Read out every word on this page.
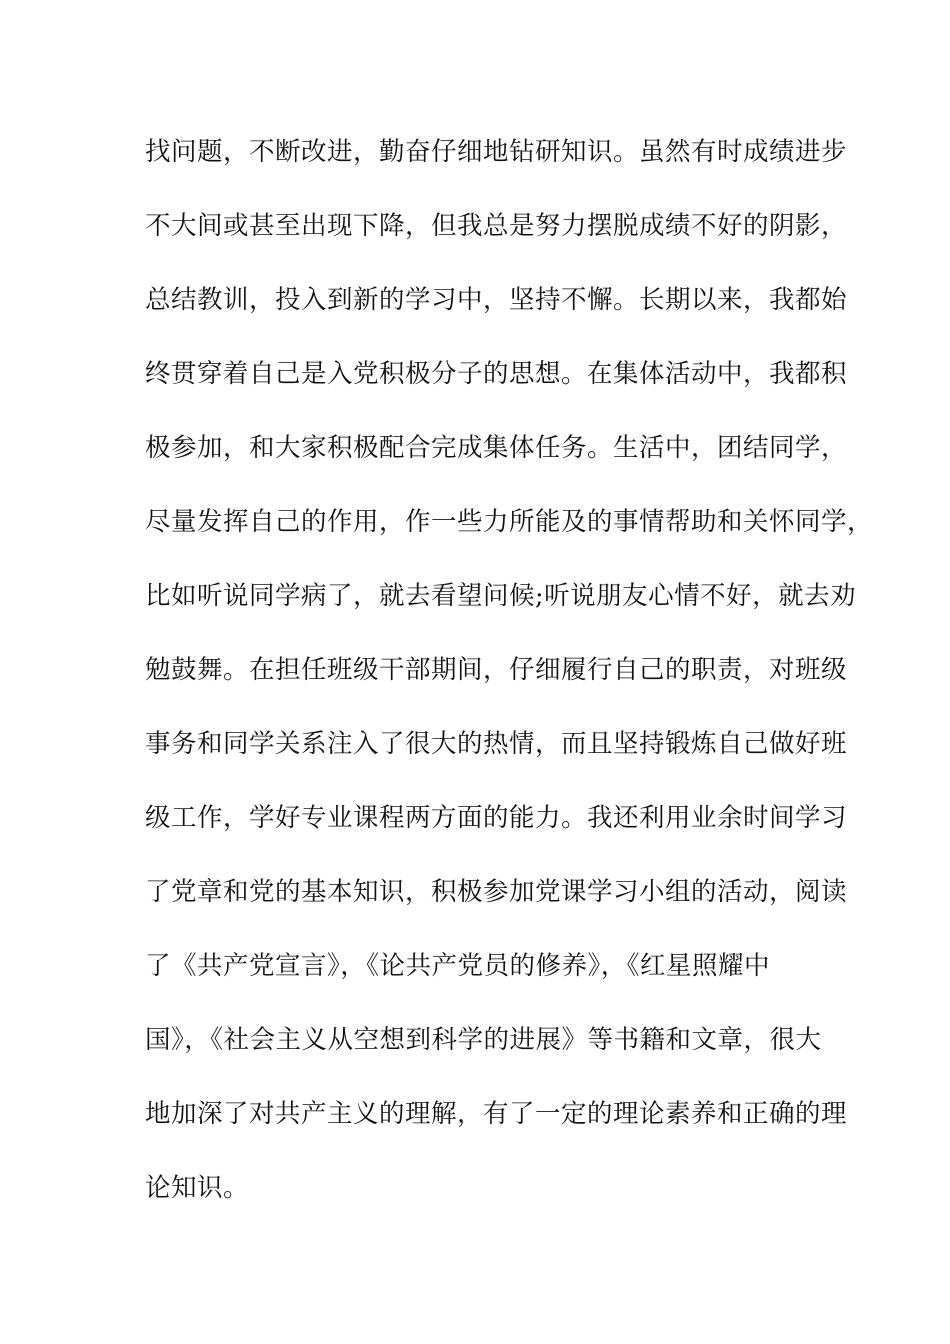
找问题，不断改进，勤奋仔细地钻研知识。虽然有时成绩进步
不大间或甚至出现下降，但我总是努力摆脱成绩不好的阴影，
总结教训，投入到新的学习中，坚持不懈。长期以来，我都始
终贯穿着自己是入党积极分子的思想。在集体活动中，我都积
极参加，和大家积极配合完成集体任务。生活中，团结同学，
尽量发挥自己的作用，作一些力所能及的事情帮助和关怀同学，
比如听说同学病了，就去看望问候;听说朋友心情不好，就去劝
勉鼓舞。在担任班级干部期间，仔细履行自己的职责，对班级
事务和同学关系注入了很大的热情，而且坚持锻炼自己做好班
级工作，学好专业课程两方面的能力。我还利用业余时间学习
了党章和党的基本知识，积极参加党课学习小组的活动，阅读
了《共产党宣言》，《论共产党员的修养》，《红星照耀中
国》，《社会主义从空想到科学的进展》等书籍和文章，很大
地加深了对共产主义的理解，有了一定的理论素养和正确的理
论知识。
